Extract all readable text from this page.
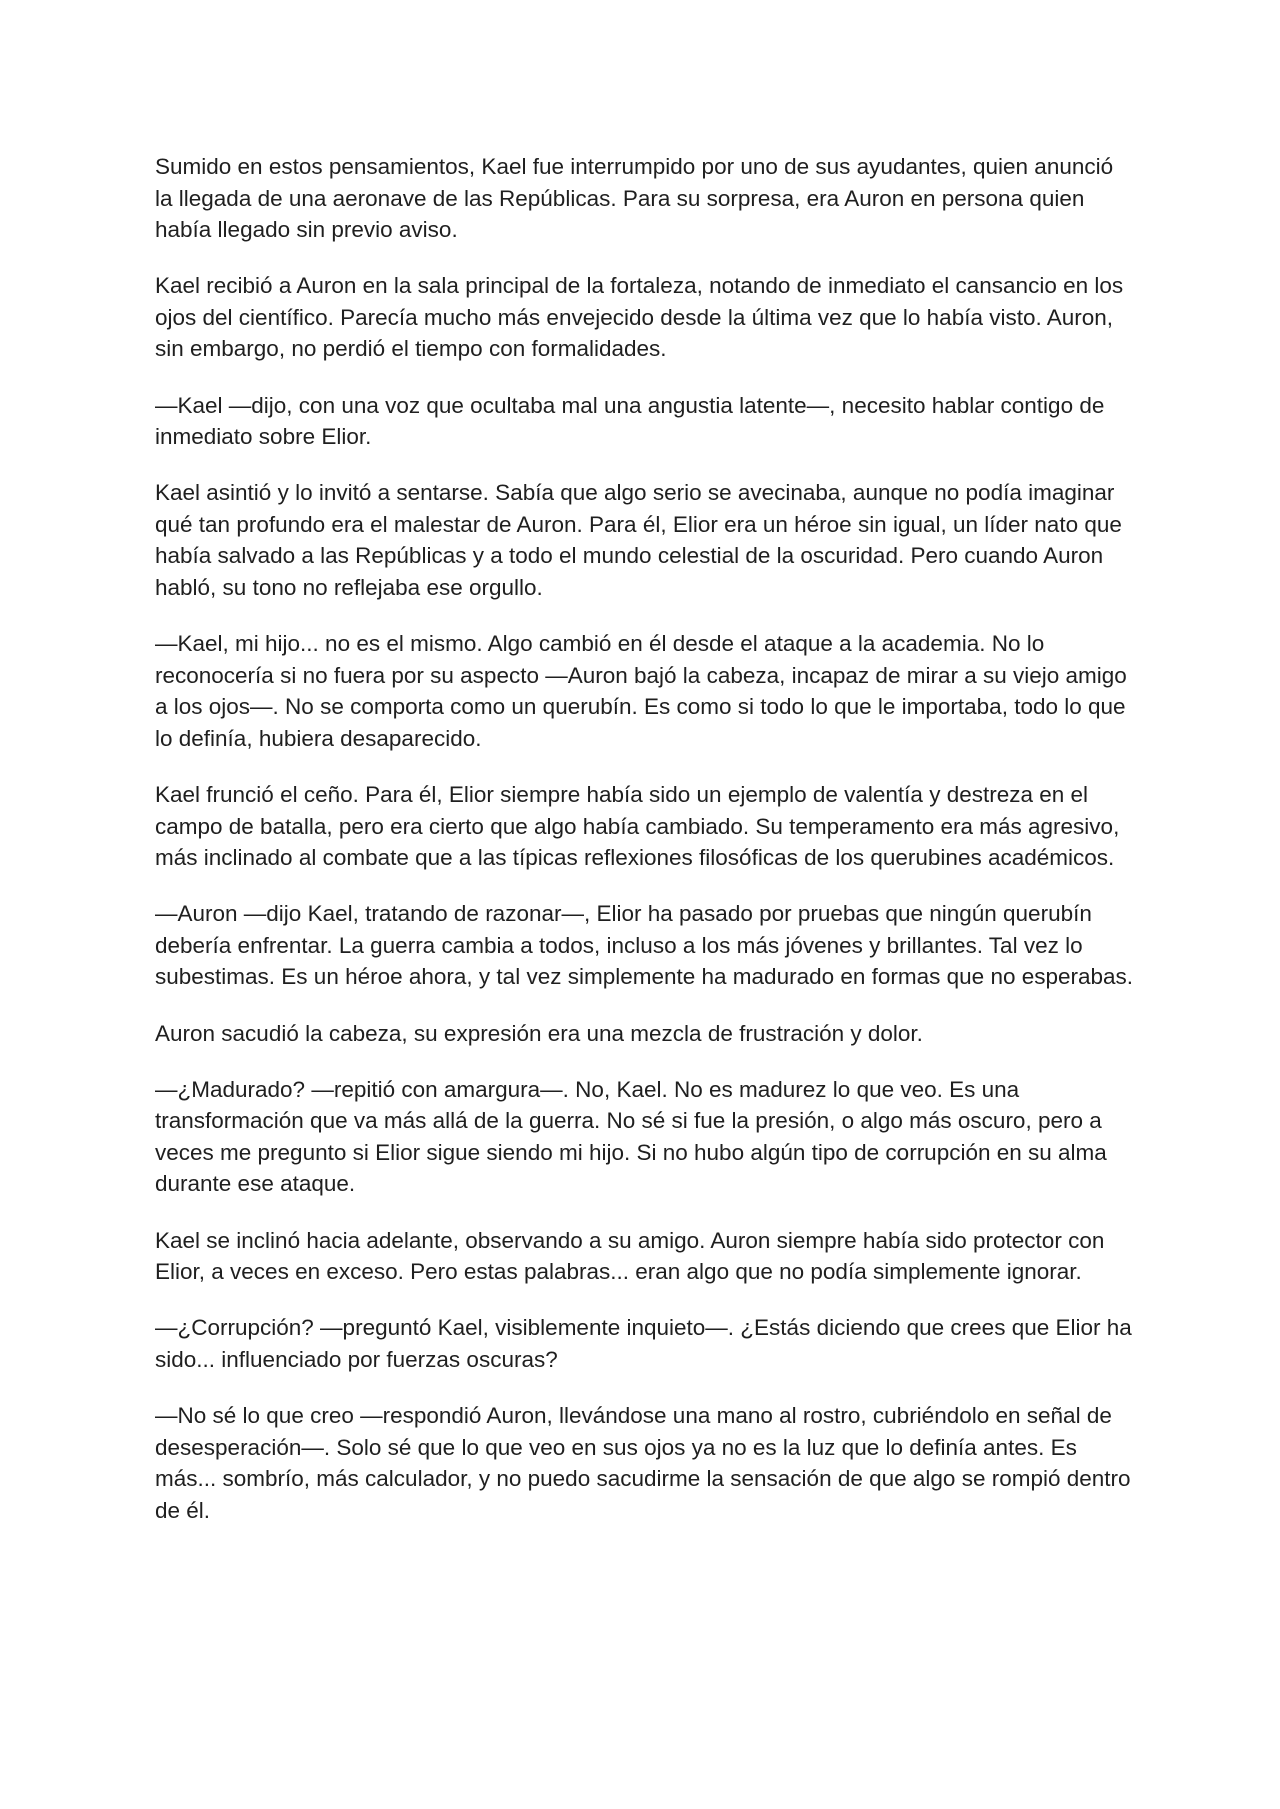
Sumido en estos pensamientos, Kael fue interrumpido por uno de sus ayudantes, quien anunció la llegada de una aeronave de las Repúblicas. Para su sorpresa, era Auron en persona quien había llegado sin previo aviso.

Kael recibió a Auron en la sala principal de la fortaleza, notando de inmediato el cansancio en los ojos del científico. Parecía mucho más envejecido desde la última vez que lo había visto. Auron, sin embargo, no perdió el tiempo con formalidades.

—Kael —dijo, con una voz que ocultaba mal una angustia latente—, necesito hablar contigo de inmediato sobre Elior.

Kael asintió y lo invitó a sentarse. Sabía que algo serio se avecinaba, aunque no podía imaginar qué tan profundo era el malestar de Auron. Para él, Elior era un héroe sin igual, un líder nato que había salvado a las Repúblicas y a todo el mundo celestial de la oscuridad. Pero cuando Auron habló, su tono no reflejaba ese orgullo.

—Kael, mi hijo... no es el mismo. Algo cambió en él desde el ataque a la academia. No lo reconocería si no fuera por su aspecto —Auron bajó la cabeza, incapaz de mirar a su viejo amigo a los ojos—. No se comporta como un querubín. Es como si todo lo que le importaba, todo lo que lo definía, hubiera desaparecido.

Kael frunció el ceño. Para él, Elior siempre había sido un ejemplo de valentía y destreza en el campo de batalla, pero era cierto que algo había cambiado. Su temperamento era más agresivo, más inclinado al combate que a las típicas reflexiones filosóficas de los querubines académicos.

—Auron —dijo Kael, tratando de razonar—, Elior ha pasado por pruebas que ningún querubín debería enfrentar. La guerra cambia a todos, incluso a los más jóvenes y brillantes. Tal vez lo subestimas. Es un héroe ahora, y tal vez simplemente ha madurado en formas que no esperabas.

Auron sacudió la cabeza, su expresión era una mezcla de frustración y dolor.

—¿Madurado? —repitió con amargura—. No, Kael. No es madurez lo que veo. Es una transformación que va más allá de la guerra. No sé si fue la presión, o algo más oscuro, pero a veces me pregunto si Elior sigue siendo mi hijo. Si no hubo algún tipo de corrupción en su alma durante ese ataque.

Kael se inclinó hacia adelante, observando a su amigo. Auron siempre había sido protector con Elior, a veces en exceso. Pero estas palabras... eran algo que no podía simplemente ignorar.

—¿Corrupción? —preguntó Kael, visiblemente inquieto—. ¿Estás diciendo que crees que Elior ha sido... influenciado por fuerzas oscuras?

—No sé lo que creo —respondió Auron, llevándose una mano al rostro, cubriéndolo en señal de desesperación—. Solo sé que lo que veo en sus ojos ya no es la luz que lo definía antes. Es más... sombrío, más calculador, y no puedo sacudirme la sensación de que algo se rompió dentro de él.
